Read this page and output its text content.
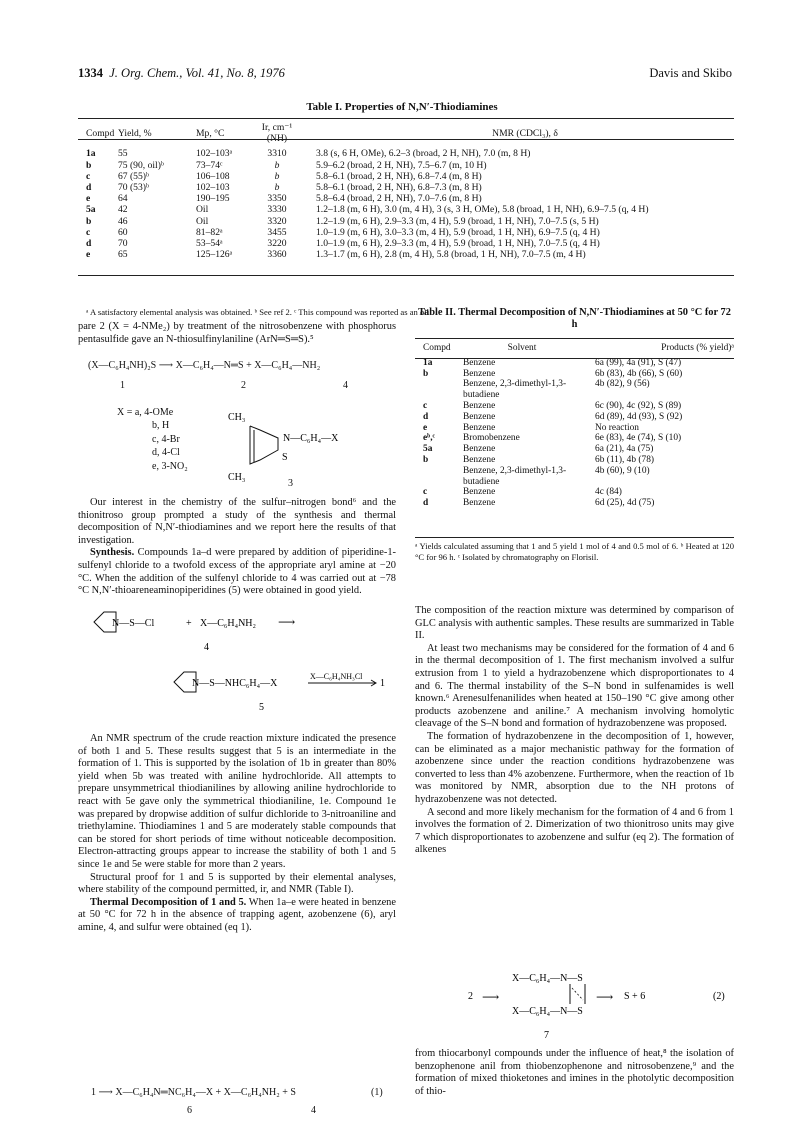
1334 J. Org. Chem., Vol. 41, No. 8, 1976	Davis and Skibo
Table I. Properties of N,N′-Thiodiamines
Compd	Yield, %	Mp, °C	Ir, cm⁻¹ (NH)	NMR (CDCl₃), δ
1a	55	102–103ᵃ	3310	3.8 (s, 6 H, OMe), 6.2–3 (broad, 2 H, NH), 7.0 (m, 8 H)
b	75 (90, oil)ᵇ	73–74ᶜ	b	5.9–6.2 (broad, 2 H, NH), 7.5–6.7 (m, 10 H)
c	67 (55)ᵇ	106–108	b	5.8–6.1 (broad, 2 H, NH), 6.8–7.4 (m, 8 H)
d	70 (53)ᵇ	102–103	b	5.8–6.1 (broad, 2 H, NH), 6.8–7.3 (m, 8 H)
e	64	190–195	3350	5.8–6.4 (broad, 2 H, NH), 7.0–7.6 (m, 8 H)
5a	42	Oil	3330	1.2–1.8 (m, 6 H), 3.0 (m, 4 H), 3 (s, 3 H, OMe), 5.8 (broad, 1 H, NH), 6.9–7.5 (q, 4 H)
b	46	Oil	3320	1.2–1.9 (m, 6 H), 2.9–3.3 (m, 4 H), 5.9 (broad, 1 H, NH), 7.0–7.5 (s, 5 H)
c	60	81–82ᵃ	3455	1.0–1.9 (m, 6 H), 3.0–3.3 (m, 4 H), 5.9 (broad, 1 H, NH), 6.9–7.5 (q, 4 H)
d	70	53–54ᵃ	3220	1.0–1.9 (m, 6 H), 2.9–3.3 (m, 4 H), 5.9 (broad, 1 H, NH), 7.0–7.5 (q, 4 H)
e	65	125–126ᵃ	3360	1.3–1.7 (m, 6 H), 2.8 (m, 4 H), 5.8 (broad, 1 H, NH), 7.0–7.5 (m, 4 H)
ᵃ A satisfactory elemental analysis was obtained. ᵇ See ref 2. ᶜ This compound was reported as an oil.

pare 2 (X = 4-NMe₂) by treatment of the nitrosobenzene with phosphorus pentasulfide gave an N-thiosulfinylaniline (ArN═S═S).⁵

(X—C₆H₄NH)₂S ⟶ X—C₆H₄—N═S + X—C₆H₄—NH₂
1	2	4
X = a, 4-OMe
b, H
c, 4-Br
d, 4-Cl
e, 3-NO₂
CH₃
CH₃
N—C₆H₄—X
S
3

Our interest in the chemistry of the sulfur–nitrogen bond⁶ and the thionitroso group prompted a study of the synthesis and thermal decomposition of N,N′-thiodiamines and we report here the results of that investigation.

Synthesis. Compounds 1a–d were prepared by addition of piperidine-1-sulfenyl chloride to a twofold excess of the appropriate aryl amine at −20 °C. When the addition of the sulfenyl chloride to 4 was carried out at −78 °C N,N′-thioareneaminopiperidines (5) were obtained in good yield.

N—S—Cl	+ X—C₆H₄NH₂ ⟶
4
N—S—NHC₆H₄—X
X—C₆H₄NH₃Cl
1
5

An NMR spectrum of the crude reaction mixture indicated the presence of both 1 and 5. These results suggest that 5 is an intermediate in the formation of 1. This is supported by the isolation of 1b in greater than 80% yield when 5b was treated with aniline hydrochloride. All attempts to prepare unsymmetrical thiodianilines by allowing aniline hydrochloride to react with 5e gave only the symmetrical thiodianiline, 1e. Compound 1e was prepared by dropwise addition of sulfur dichloride to 3-nitroaniline and triethylamine. Thiodiamines 1 and 5 are moderately stable compounds that can be stored for short periods of time without noticeable decomposition. Electron-attracting groups appear to increase the stability of both 1 and 5 since 1e and 5e were stable for more than 2 years.

Structural proof for 1 and 5 is supported by their elemental analyses, where stability of the compound permitted, ir, and NMR (Table I).

Thermal Decomposition of 1 and 5. When 1a–e were heated in benzene at 50 °C for 72 h in the absence of trapping agent, azobenzene (6), aryl amine, 4, and sulfur were obtained (eq 1).

1 ⟶ X—C₆H₄N═NC₆H₄—X + X—C₆H₄NH₂ + S	(1)
6	4
Table II. Thermal Decomposition of N,N′-Thiodiamines at 50 °C for 72 h
Compd	Solvent	Products (% yield)ᵃ
1a	Benzene	6a (99), 4a (91), S (47)
b	Benzene	6b (83), 4b (66), S (60)
	Benzene, 2,3-dimethyl-1,3-butadiene	4b (82), 9 (56)
c	Benzene	6c (90), 4c (92), S (89)
d	Benzene	6d (89), 4d (93), S (92)
e	Benzene	No reaction
eᵇ,ᶜ	Bromobenzene	6e (83), 4e (74), S (10)
5a	Benzene	6a (21), 4a (75)
b	Benzene	6b (11), 4b (78)
	Benzene, 2,3-dimethyl-1,3-butadiene	4b (60), 9 (10)
c	Benzene	4c (84)
d	Benzene	6d (25), 4d (75)
ᵃ Yields calculated assuming that 1 and 5 yield 1 mol of 4 and 0.5 mol of 6. ᵇ Heated at 120 °C for 96 h. ᶜ Isolated by chromatography on Florisil.

The composition of the reaction mixture was determined by comparison of GLC analysis with authentic samples. These results are summarized in Table II.

At least two mechanisms may be considered for the formation of 4 and 6 in the thermal decomposition of 1. The first mechanism involved a sulfur extrusion from 1 to yield a hydrazobenzene which disproportionates to 4 and 6. The thermal instability of the S–N bond in sulfenamides is well known.⁶ Arenesulfenanilides when heated at 150–190 °C give among other products azobenzene and aniline.⁷ A mechanism involving homolytic cleavage of the S–N bond and formation of hydrazobenzene was proposed.

The formation of hydrazobenzene in the decomposition of 1, however, can be eliminated as a major mechanistic pathway for the formation of azobenzene since under the reaction conditions hydrazobenzene was converted to less than 4% azobenzene. Furthermore, when the reaction of 1b was monitored by NMR, absorption due to the NH protons of hydrazobenzene was not detected.

A second and more likely mechanism for the formation of 4 and 6 from 1 involves the formation of 2. Dimerization of two thionitroso units may give 7 which disproportionates to azobenzene and sulfur (eq 2). The formation of alkenes

2 ⟶
X—C₆H₄—N—S
X—C₆H₄—N—S
⟶ S + 6	(2)
7

from thiocarbonyl compounds under the influence of heat,⁸ the isolation of benzophenone anil from thiobenzophenone and nitrosobenzene,⁹ and the formation of mixed thioketones and imines in the photolytic decomposition of thio-
